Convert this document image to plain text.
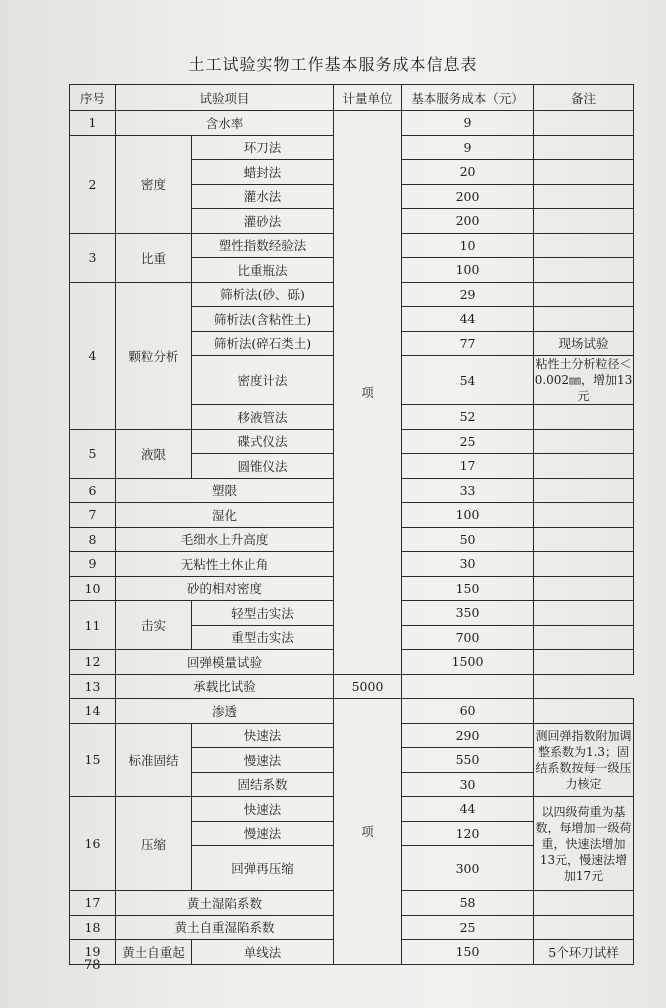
土工试验实物工作基本服务成本信息表
序号	试验项目		计量单位	基本服务成本（元）	备注
1	含水率		项	9	
2	密度	环刀法		9	
		蜡封法		20	
		灌水法		200	
		灌砂法		200	
3	比重	塑性指数经验法		10	
		比重瓶法		100	
4	颗粒分析	筛析法(砂、砾)		29	
		筛析法(含粘性土)		44	
		筛析法(碎石类土)		77	现场试验
		密度计法		54	粘性土分析粒径＜0.002㎜，增加13元
		移液管法		52	
5	液限	碟式仪法		25	
		圆锥仪法		17	
6	塑限			33	
7	湿化			100	
8	毛细水上升高度			50	
9	无粘性土休止角			30	
10	砂的相对密度			150	
11	击实	轻型击实法		350	
		重型击实法		700	
12	回弹模量试验			1500	
13	承载比试验		5000		
14	渗透		项	60	
15	标准固结	快速法		290	测回弹指数附加调整系数为1.3；固结系数按每一级压力核定
		慢速法		550	
		固结系数		30	
16	压缩	快速法		44	以四级荷重为基数，每增加一级荷重，快速法增加13元，慢速法增加17元
		慢速法		120	
		回弹再压缩		300	
17	黄土湿陷系数			58	
18	黄土自重湿陷系数			25	
19	黄土自重起	单线法		150	5个环刀试样
78
